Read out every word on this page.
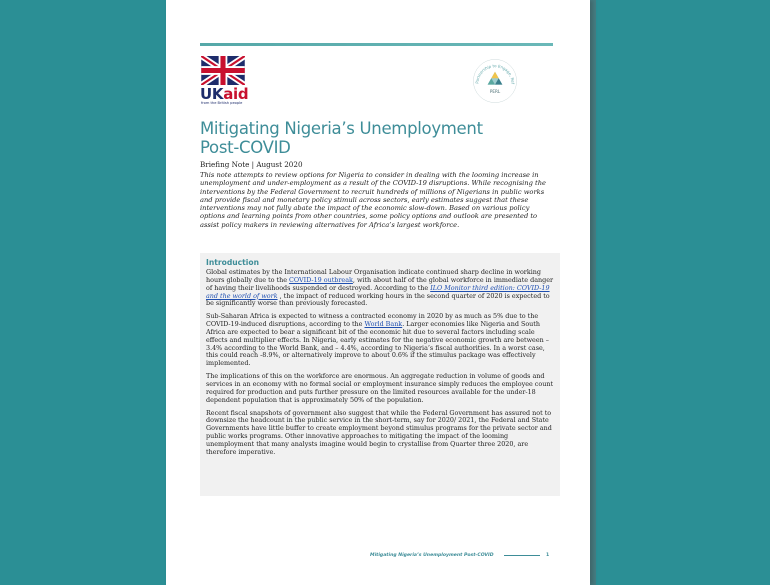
UKaid
from the British people
Partnership to Engage, Ref
PERL
Mitigating Nigeria’s Unemployment Post-COVID
Briefing Note | August 2020

This note attempts to review options for Nigeria to consider in dealing with the looming increase in unemployment and under-employment as a result of the COVID-19 disruptions. While recognising the interventions by the Federal Government to recruit hundreds of millions of Nigerians in public works and provide fiscal and monetary policy stimuli across sectors, early estimates suggest that these interventions may not fully abate the impact of the economic slow-down. Based on various policy options and learning points from other countries, some policy options and outlook are presented to assist policy makers in reviewing alternatives for Africa’s largest workforce.

Introduction

Global estimates by the International Labour Organisation indicate continued sharp decline in working hours globally due to the COVID-19 outbreak, with about half of the global workforce in immediate danger of having their livelihoods suspended or destroyed. According to the ILO Monitor third edition: COVID-19 and the world of work , the impact of reduced working hours in the second quarter of 2020 is expected to be significantly worse than previously forecasted.

Sub-Saharan Africa is expected to witness a contracted economy in 2020 by as much as 5% due to the COVID-19-induced disruptions, according to the World Bank. Larger economies like Nigeria and South Africa are expected to bear a significant bit of the economic hit due to several factors including scale effects and multiplier effects. In Nigeria, early estimates for the negative economic growth are between – 3.4% according to the World Bank, and – 4.4%, according to Nigeria’s fiscal authorities. In a worst case, this could reach -8.9%, or alternatively improve to about 0.6% if the stimulus package was effectively implemented.

The implications of this on the workforce are enormous. An aggregate reduction in volume of goods and services in an economy with no formal social or employment insurance simply reduces the employee count required for production and puts further pressure on the limited resources available for the under-18 dependent population that is approximately 50% of the population.

Recent fiscal snapshots of government also suggest that while the Federal Government has assured not to downsize the headcount in the public service in the short-term, say for 2020/ 2021, the Federal and State Governments have little buffer to create employment beyond stimulus programs for the private sector and public works programs. Other innovative approaches to mitigating the impact of the looming unemployment that many analysts imagine would begin to crystallise from Quarter three 2020, are therefore imperative.

Mitigating Nigeria’s Unemployment Post-COVID	1
